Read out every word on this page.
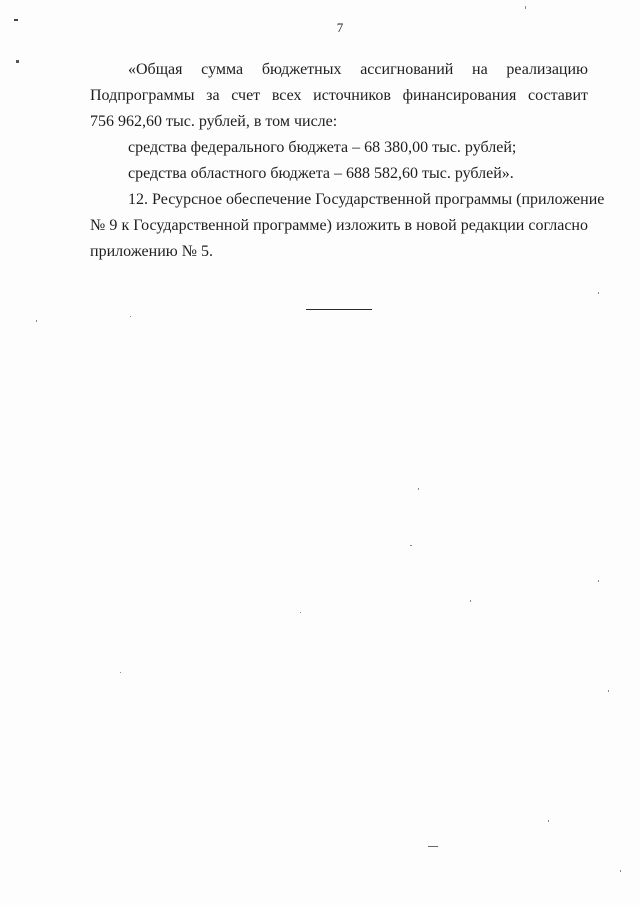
7

«Общая сумма бюджетных ассигнований на реализацию
Подпрограммы за счет всех источников финансирования составит
756 962,60 тыс. рублей, в том числе:

средства федерального бюджета – 68 380,00 тыс. рублей;

средства областного бюджета – 688 582,60 тыс. рублей».

12. Ресурсное обеспечение Государственной программы (приложение
№ 9 к Государственной программе) изложить в новой редакции согласно
приложению № 5.
